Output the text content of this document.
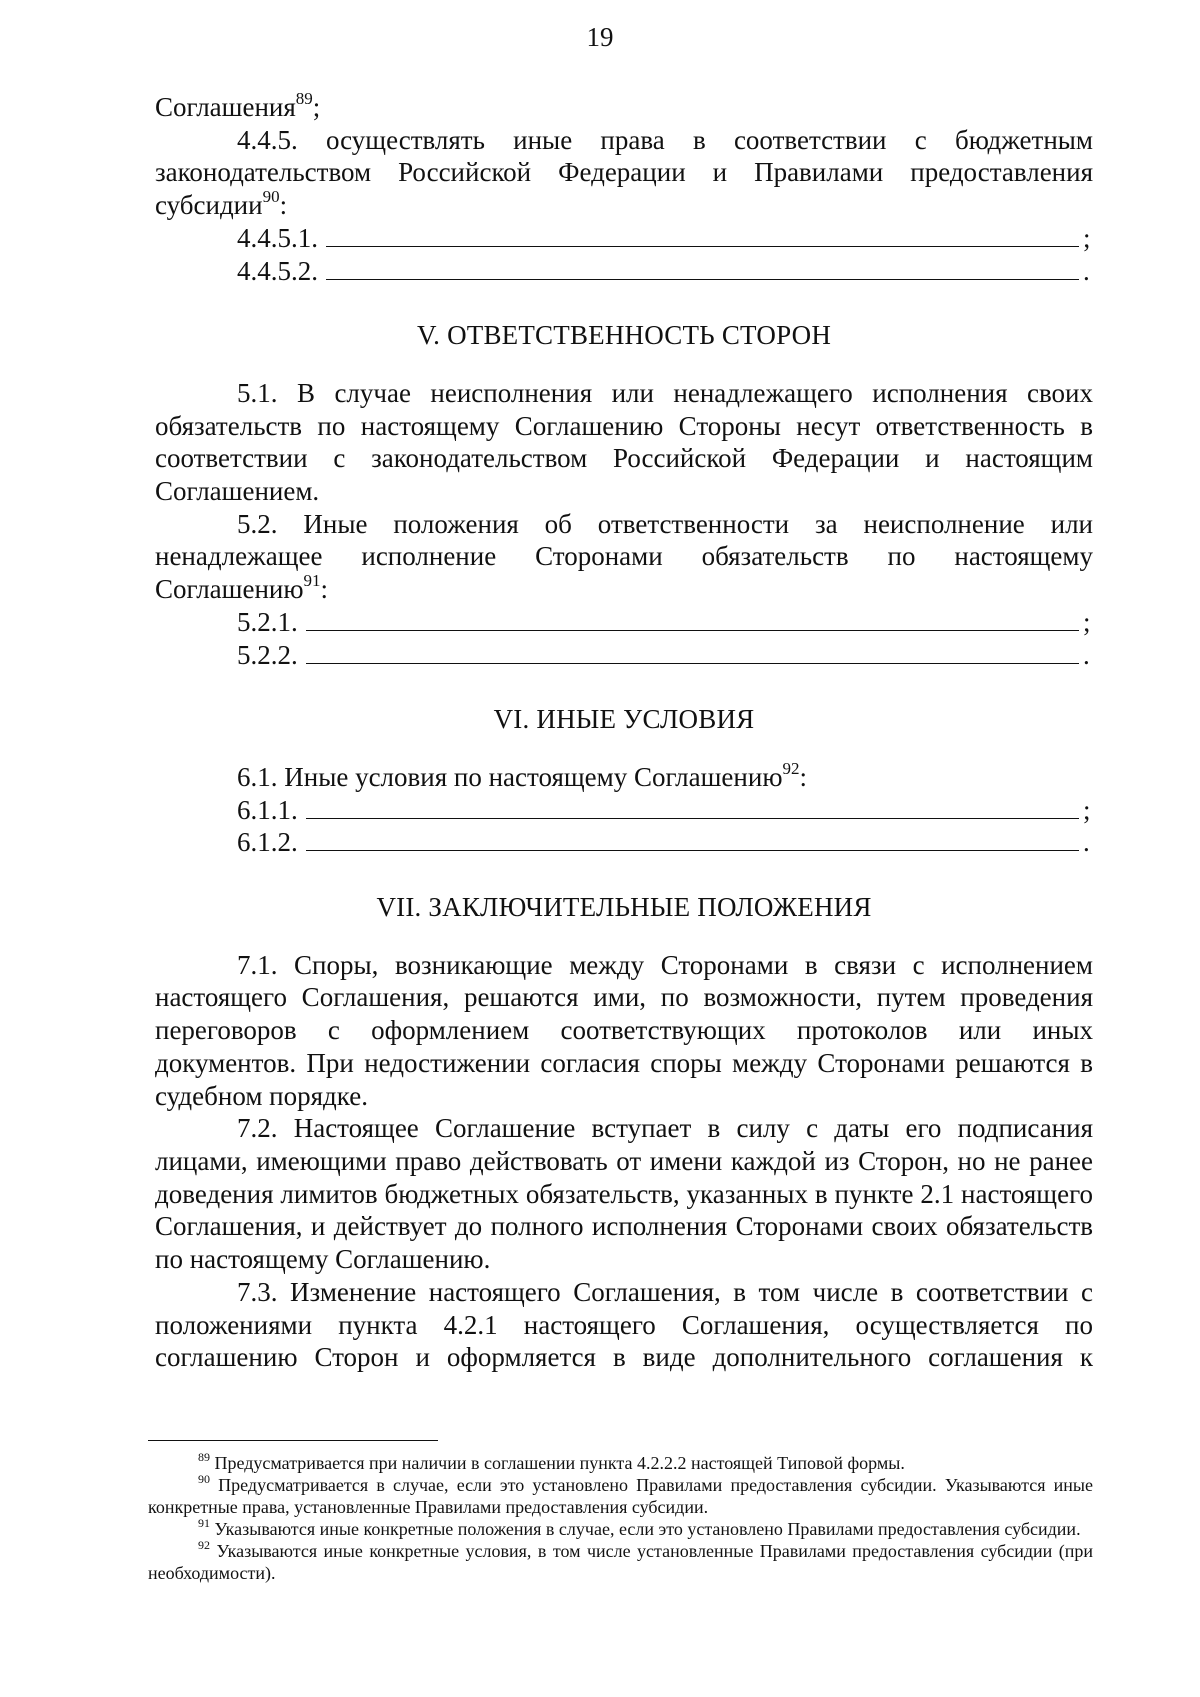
19

Соглашения$^{89}$;

4.4.5. осуществлять иные права в соответствии с бюджетным законодательством Российской Федерации и Правилами предоставления субсидии$^{90}$:

4.4.5.1.	;
4.4.5.2.	.

V. ОТВЕТСТВЕННОСТЬ СТОРОН

5.1. В случае неисполнения или ненадлежащего исполнения своих обязательств по настоящему Соглашению Стороны несут ответственность в соответствии с законодательством Российской Федерации и настоящим Соглашением.

5.2. Иные положения об ответственности за неисполнение или ненадлежащее исполнение Сторонами обязательств по настоящему Соглашению$^{91}$:

5.2.1.	;
5.2.2.	.

VI. ИНЫЕ УСЛОВИЯ

6.1. Иные условия по настоящему Соглашению$^{92}$:

6.1.1.	;
6.1.2.	.

VII. ЗАКЛЮЧИТЕЛЬНЫЕ ПОЛОЖЕНИЯ

7.1. Споры, возникающие между Сторонами в связи с исполнением настоящего Соглашения, решаются ими, по возможности, путем проведения переговоров с оформлением соответствующих протоколов или иных документов. При недостижении согласия споры между Сторонами решаются в судебном порядке.

7.2. Настоящее Соглашение вступает в силу с даты его подписания лицами, имеющими право действовать от имени каждой из Сторон, но не ранее доведения лимитов бюджетных обязательств, указанных в пункте 2.1 настоящего Соглашения, и действует до полного исполнения Сторонами своих обязательств по настоящему Соглашению.

7.3. Изменение настоящего Соглашения, в том числе в соответствии с положениями пункта 4.2.1 настоящего Соглашения, осуществляется по соглашению Сторон и оформляется в виде дополнительного соглашения к

$^{89}$ Предусматривается при наличии в соглашении пункта 4.2.2.2 настоящей Типовой формы.

$^{90}$ Предусматривается в случае, если это установлено Правилами предоставления субсидии. Указываются иные конкретные права, установленные Правилами предоставления субсидии.

$^{91}$ Указываются иные конкретные положения в случае, если это установлено Правилами предоставления субсидии.

$^{92}$ Указываются иные конкретные условия, в том числе установленные Правилами предоставления субсидии (при необходимости).
